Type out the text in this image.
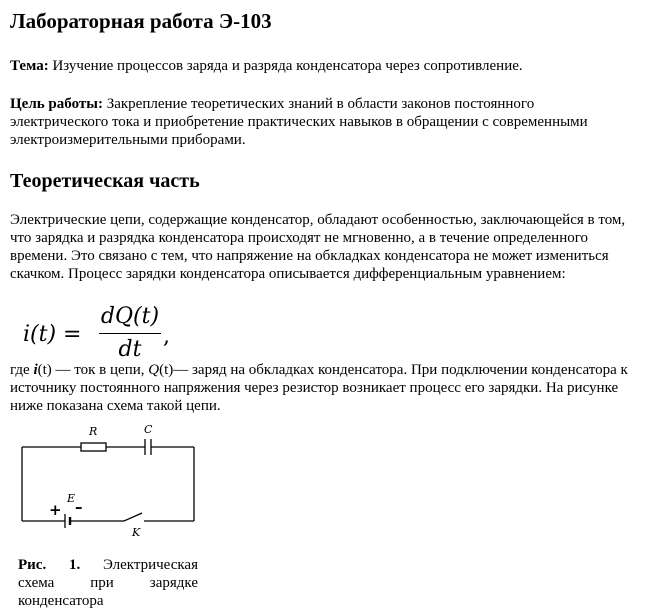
Лабораторная работа Э-103

Тема: Изучение процессов заряда и разряда конденсатора через сопротивление.

Цель работы: Закрепление теоретических знаний в области законов постоянного электрического тока и приобретение практических навыков в обращении с современными электроизмерительными приборами.

Теоретическая часть

Электрические цепи, содержащие конденсатор, обладают особенностью, заключающейся в том, что зарядка и разрядка конденсатора происходят не мгновенно, а в течение определенного времени. Это связано с тем, что напряжение на обкладках конденсатора не может измениться скачком. Процесс зарядки конденсатора описывается дифференциальным уравнением:

i(t) =
dQ(t)
dt
,

где i(t) — ток в цепи, Q(t)— заряд на обкладках конденсатора. При подключении конденсатора к источнику постоянного напряжения через резистор возникает процесс его зарядки. На рисунке ниже показана схема такой цепи.

R	C
E
K
+ –

Рис. 1. Электрическая схема при зарядке конденсатора
